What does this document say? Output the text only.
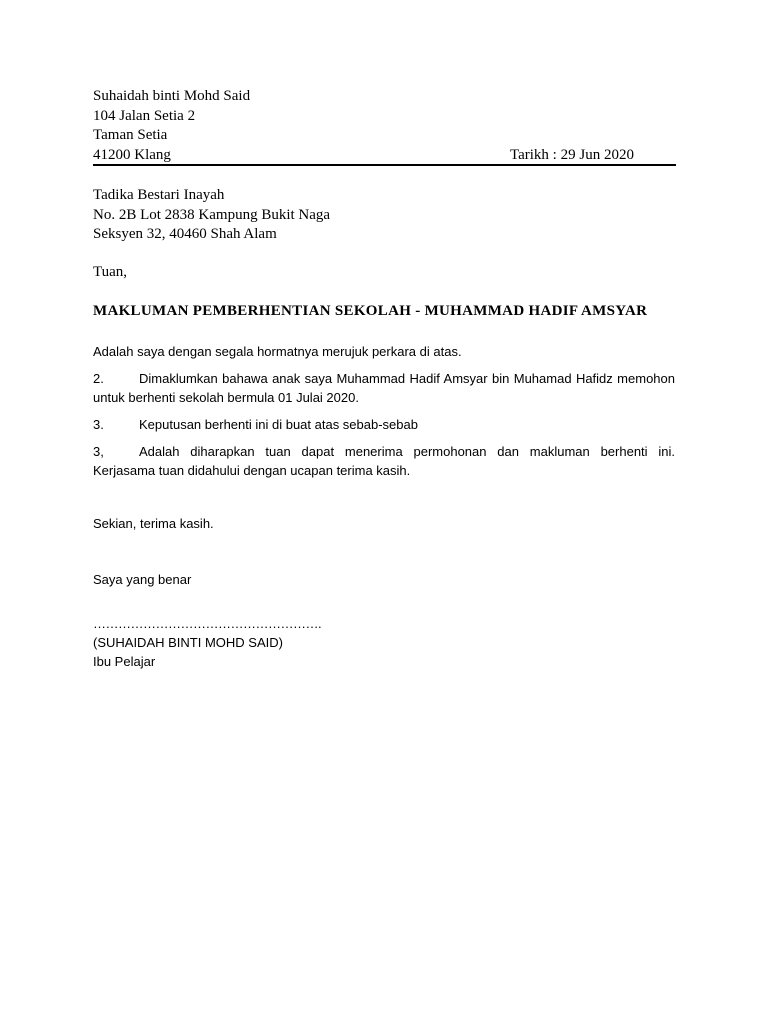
Suhaidah binti Mohd Said
104 Jalan Setia 2
Taman Setia
41200 Klang	Tarikh : 29 Jun 2020
Tadika Bestari Inayah
No. 2B Lot 2838 Kampung Bukit Naga
Seksyen 32, 40460 Shah Alam
Tuan,
MAKLUMAN PEMBERHENTIAN SEKOLAH - MUHAMMAD HADIF AMSYAR
Adalah saya dengan segala hormatnya merujuk perkara di atas.
2.	Dimaklumkan bahawa anak saya Muhammad Hadif Amsyar bin Muhamad Hafidz memohon untuk berhenti sekolah bermula 01 Julai 2020.
3.	Keputusan berhenti ini di buat atas sebab-sebab
3,	Adalah diharapkan tuan dapat menerima permohonan dan makluman berhenti ini. Kerjasama tuan didahului dengan ucapan terima kasih.
Sekian, terima kasih.
Saya yang benar
……………………………………………….
(SUHAIDAH BINTI MOHD SAID)
Ibu Pelajar
